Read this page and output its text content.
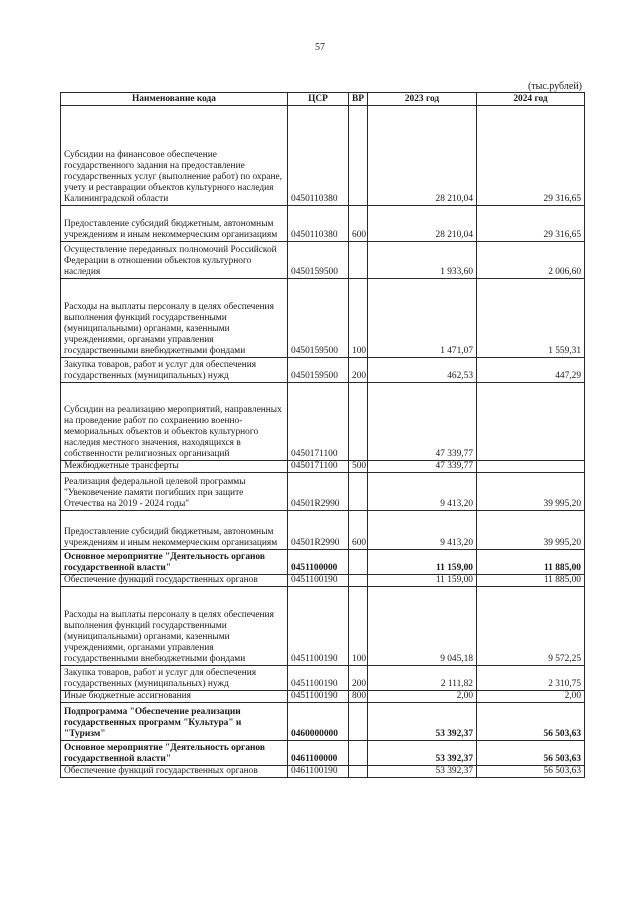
57
(тыс.рублей)
Наименование кода	ЦСР	ВР	2023 год	2024 год
Субсидии на финансовое обеспечение государственного задания на предоставление государственных услуг (выполнение работ) по охране, учету и реставрации объектов культурного наследия Калининградской области	0450110380		28 210,04	29 316,65
Предоставление субсидий бюджетным, автономным учреждениям и иным некоммерческим организациям	0450110380	600	28 210,04	29 316,65
Осуществление переданных полномочий Российской Федерации в отношении объектов культурного наследия	0450159500		1 933,60	2 006,60
Расходы на выплаты персоналу в целях обеспечения выполнения функций государственными (муниципальными) органами, казенными учреждениями, органами управления государственными внебюджетными фондами	0450159500	100	1 471,07	1 559,31
Закупка товаров, работ и услуг для обеспечения государственных (муниципальных) нужд	0450159500	200	462,53	447,29
Субсидии на реализацию мероприятий, направленных на проведение работ по сохранению военно-мемориальных объектов и объектов культурного наследия местного значения, находящихся в собственности религиозных организаций	0450171100		47 339,77	
Межбюджетные трансферты	0450171100	500	47 339,77	
Реализация федеральной целевой программы "Увековечение памяти погибших при защите Отечества на 2019 - 2024 годы"	04501R2990		9 413,20	39 995,20
Предоставление субсидий бюджетным, автономным учреждениям и иным некоммерческим организациям	04501R2990	600	9 413,20	39 995,20
Основное мероприятие "Деятельность органов государственной власти"	0451100000		11 159,00	11 885,00
Обеспечение функций государственных органов	0451100190		11 159,00	11 885,00
Расходы на выплаты персоналу в целях обеспечения выполнения функций государственными (муниципальными) органами, казенными учреждениями, органами управления государственными внебюджетными фондами	0451100190	100	9 045,18	9 572,25
Закупка товаров, работ и услуг для обеспечения государственных (муниципальных) нужд	0451100190	200	2 111,82	2 310,75
Иные бюджетные ассигнования	0451100190	800	2,00	2,00
Подпрограмма "Обеспечение реализации государственных программ "Культура" и "Туризм"	0460000000		53 392,37	56 503,63
Основное мероприятие "Деятельность органов государственной власти"	0461100000		53 392,37	56 503,63
Обеспечение функций государственных органов	0461100190		53 392,37	56 503,63
